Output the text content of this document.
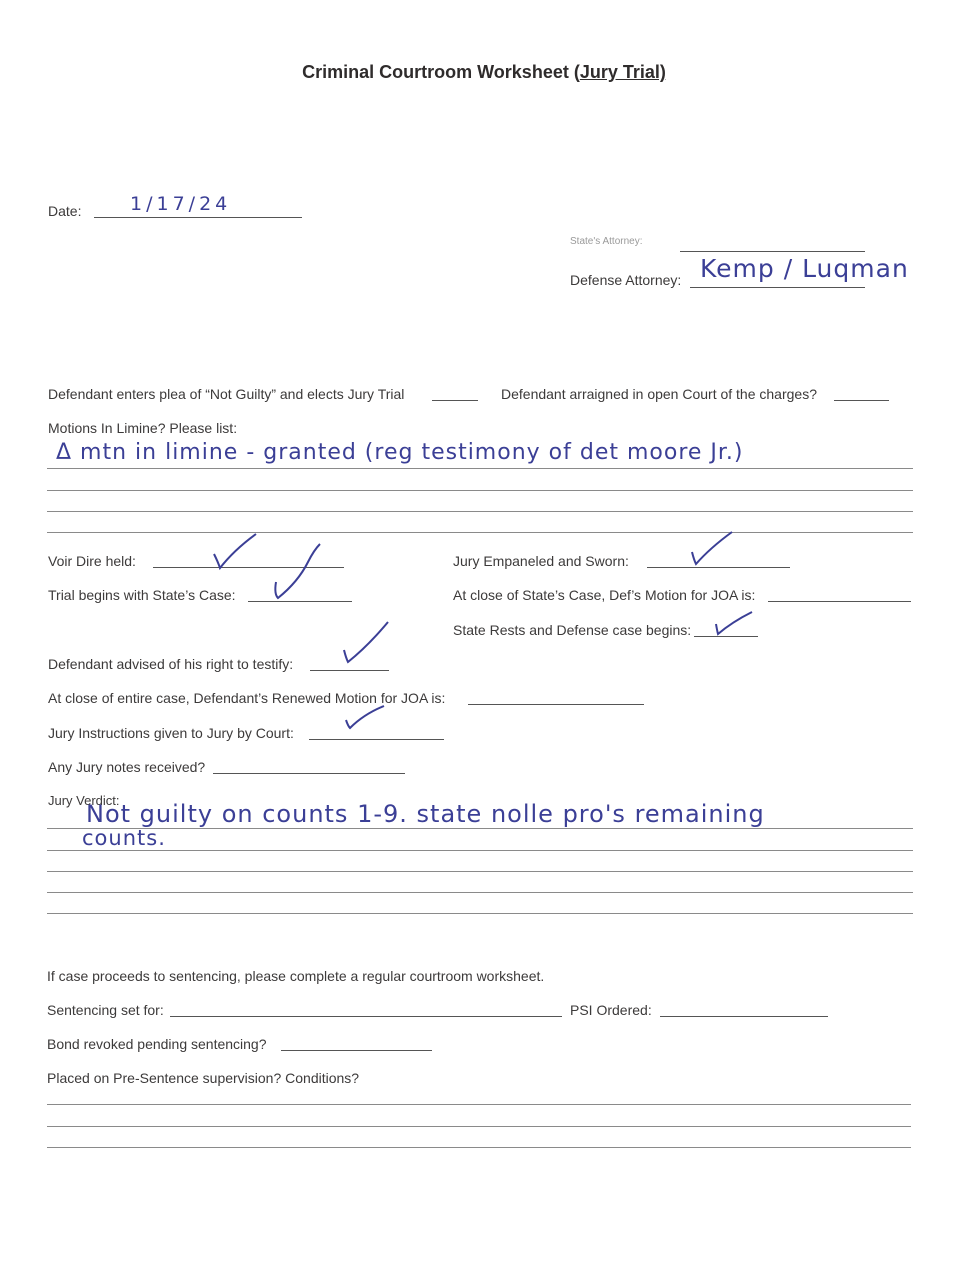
Criminal Courtroom Worksheet (Jury Trial)
Date:	1/17/24
State's Attorney:
Defense Attorney: Kemp / Luqman
Defendant enters plea of “Not Guilty” and elects Jury Trial	Defendant arraigned in open Court of the charges?
Motions In Limine? Please list:
Δ mtn in limine - granted (reg testimony of det moore Jr.)
Voir Dire held:	Jury Empaneled and Sworn:
Trial begins with State’s Case:	At close of State’s Case, Def’s Motion for JOA is:
State Rests and Defense case begins:
Defendant advised of his right to testify:
At close of entire case, Defendant’s Renewed Motion for JOA is:
Jury Instructions given to Jury by Court:
Any Jury notes received?
Jury Verdict:
Not guilty on counts 1-9. state nolle pro's remaining
counts.
If case proceeds to sentencing, please complete a regular courtroom worksheet.
Sentencing set for:	PSI Ordered:
Bond revoked pending sentencing?
Placed on Pre-Sentence supervision? Conditions?
